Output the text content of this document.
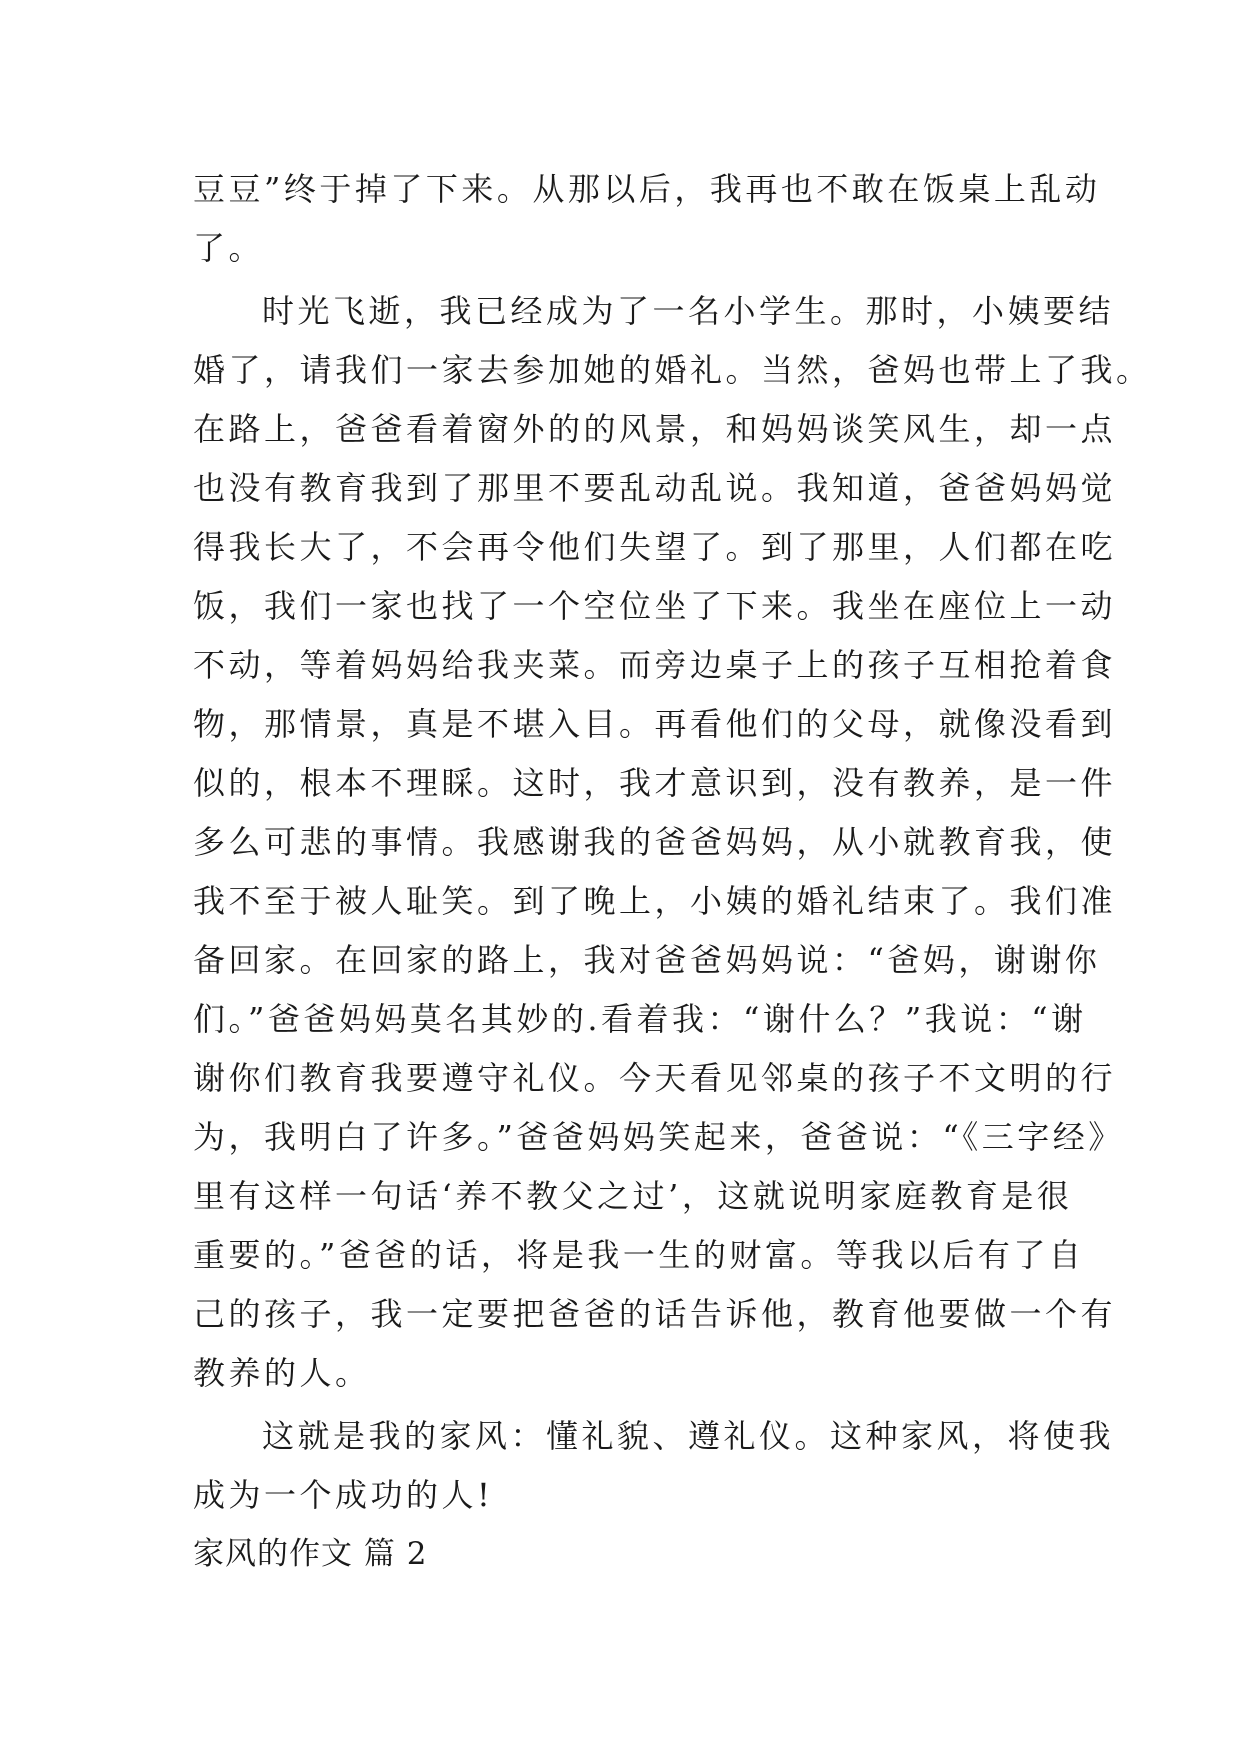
豆豆”终于掉了下来。从那以后，我再也不敢在饭桌上乱动
了。
时光飞逝，我已经成为了一名小学生。那时，小姨要结
婚了，请我们一家去参加她的婚礼。当然，爸妈也带上了我。
在路上，爸爸看着窗外的的风景，和妈妈谈笑风生，却一点
也没有教育我到了那里不要乱动乱说。我知道，爸爸妈妈觉
得我长大了，不会再令他们失望了。到了那里，人们都在吃
饭，我们一家也找了一个空位坐了下来。我坐在座位上一动
不动，等着妈妈给我夹菜。而旁边桌子上的孩子互相抢着食
物，那情景，真是不堪入目。再看他们的父母，就像没看到
似的，根本不理睬。这时，我才意识到，没有教养，是一件
多么可悲的事情。我感谢我的爸爸妈妈，从小就教育我，使
我不至于被人耻笑。到了晚上，小姨的婚礼结束了。我们准
备回家。在回家的路上，我对爸爸妈妈说：“爸妈，谢谢你
们。”爸爸妈妈莫名其妙的.看着我：“谢什么？”我说：“谢
谢你们教育我要遵守礼仪。今天看见邻桌的孩子不文明的行
为，我明白了许多。”爸爸妈妈笑起来，爸爸说：“《三字经》
里有这样一句话‘养不教父之过’，这就说明家庭教育是很
重要的。”爸爸的话，将是我一生的财富。等我以后有了自
己的孩子，我一定要把爸爸的话告诉他，教育他要做一个有
教养的人。
这就是我的家风：懂礼貌、遵礼仪。这种家风，将使我
成为一个成功的人!
家风的作文 篇 2
